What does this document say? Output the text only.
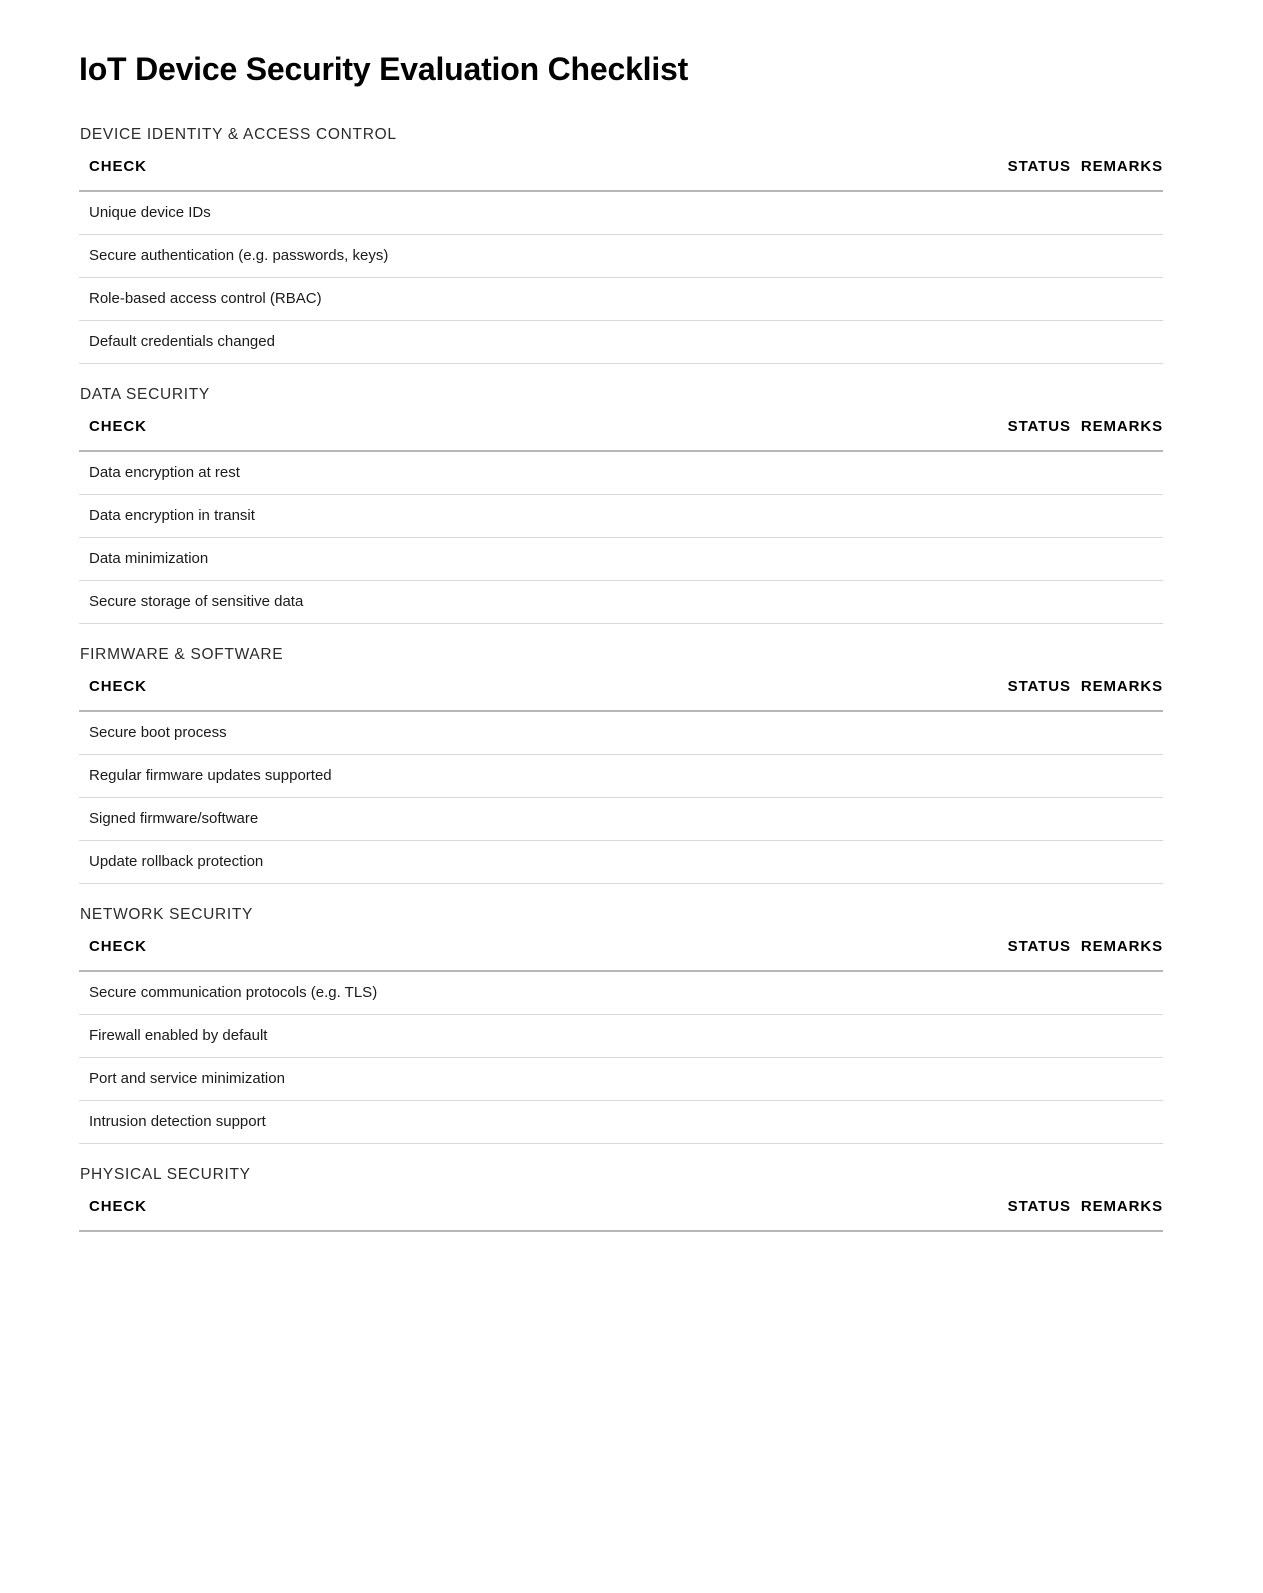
IoT Device Security Evaluation Checklist
DEVICE IDENTITY & ACCESS CONTROL
CHECK	STATUS	REMARKS
Unique device IDs		
Secure authentication (e.g. passwords, keys)		
Role-based access control (RBAC)		
Default credentials changed		
DATA SECURITY
CHECK	STATUS	REMARKS
Data encryption at rest		
Data encryption in transit		
Data minimization		
Secure storage of sensitive data		
FIRMWARE & SOFTWARE
CHECK	STATUS	REMARKS
Secure boot process		
Regular firmware updates supported		
Signed firmware/software		
Update rollback protection		
NETWORK SECURITY
CHECK	STATUS	REMARKS
Secure communication protocols (e.g. TLS)		
Firewall enabled by default		
Port and service minimization		
Intrusion detection support		
PHYSICAL SECURITY
CHECK	STATUS	REMARKS
